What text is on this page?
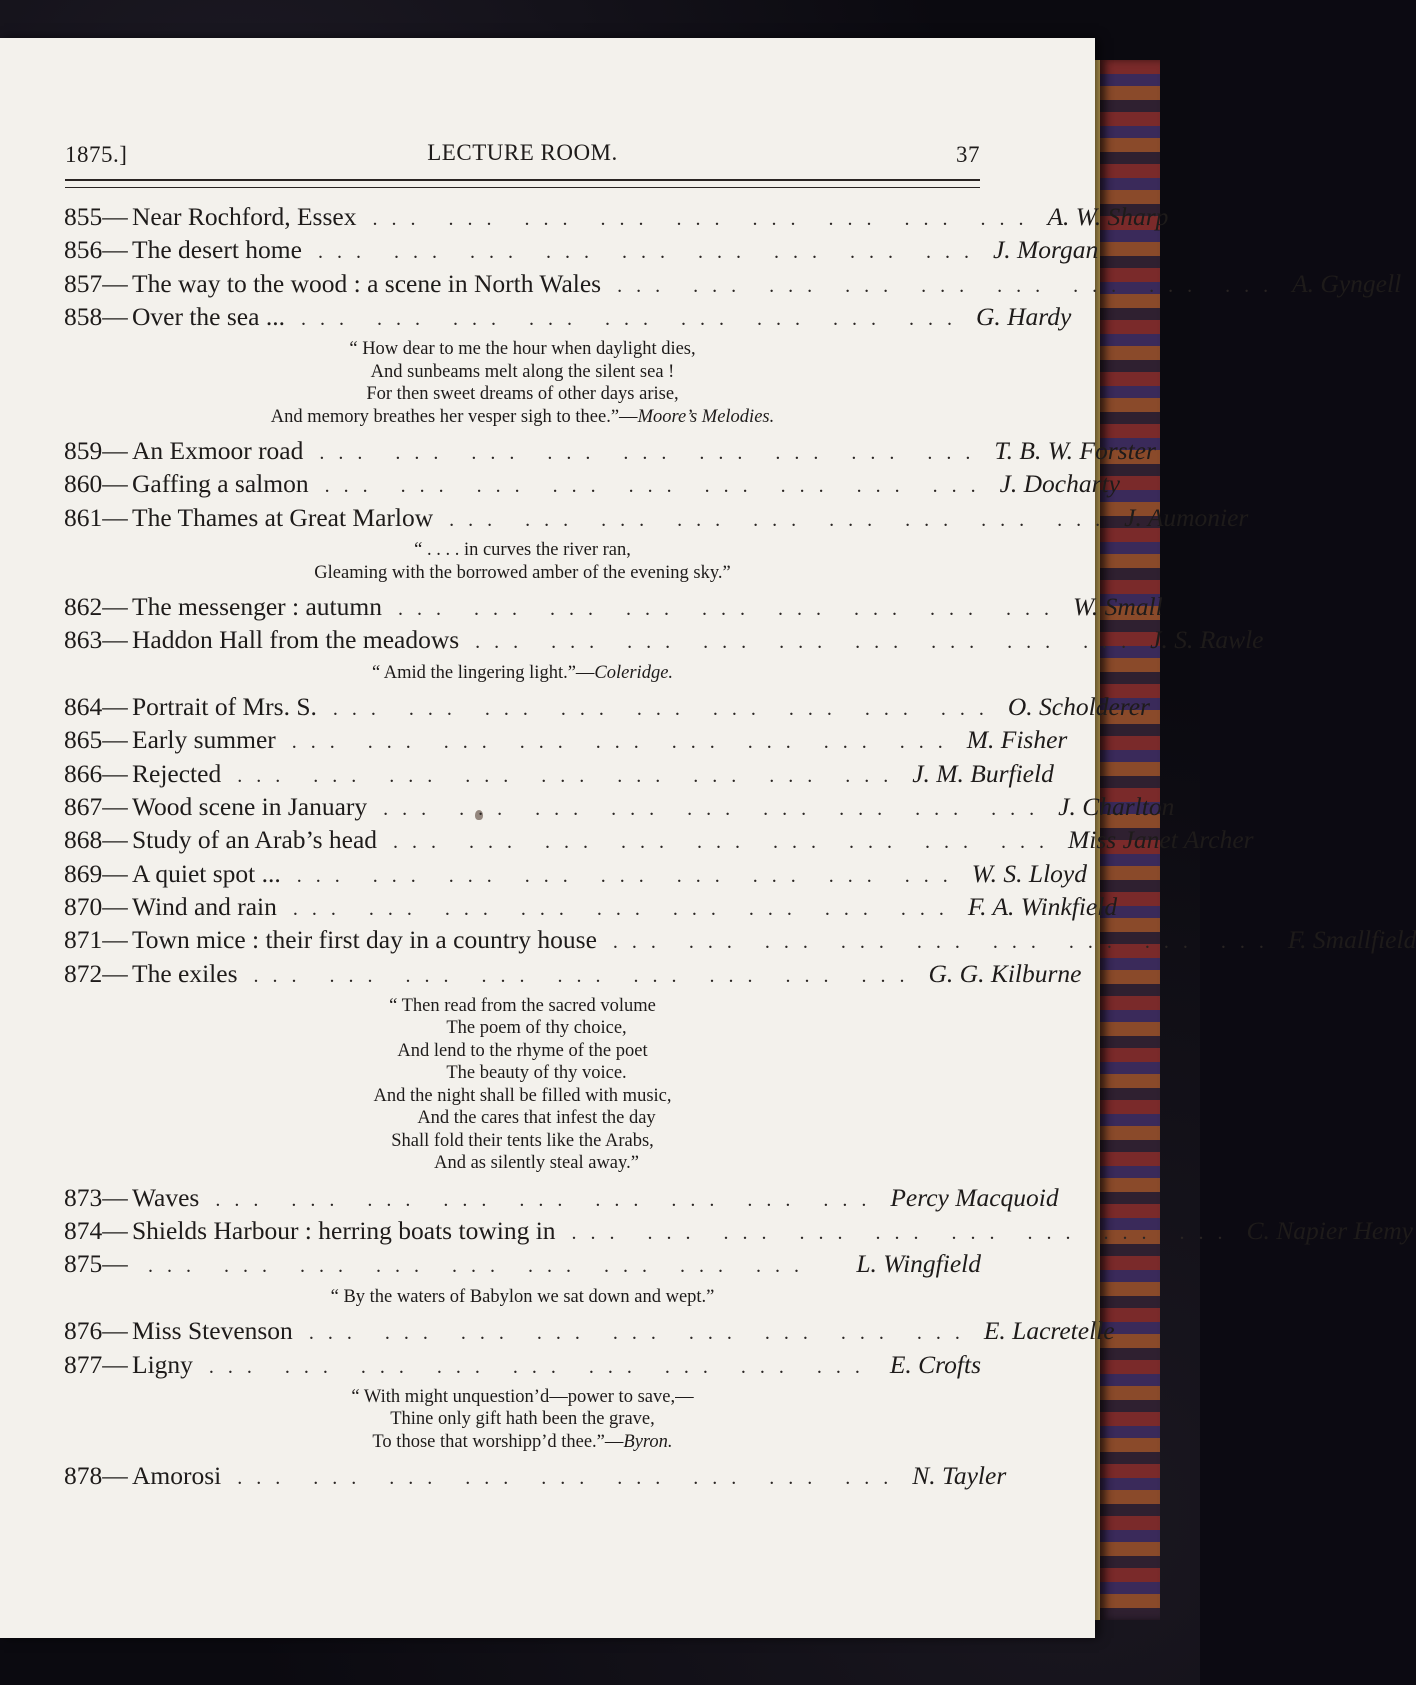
1875.]	LECTURE ROOM.	37
855— Near Rochford, Essex ... ... ... ... ... ... ... ... ... A. W. Sharp
856— The desert home ... ... ... ... ... ... ... ... ... J. Morgan
857— The way to the wood : a scene in North Wales ... ... ... ... ... ... ... ... ... A. Gyngell
858— Over the sea ... ... ... ... ... ... ... ... ... ... G. Hardy
“ How dear to me the hour when daylight dies,
And sunbeams melt along the silent sea !
For then sweet dreams of other days arise,
And memory breathes her vesper sigh to thee.”—Moore’s Melodies.
859— An Exmoor road ... ... ... ... ... ... ... ... ... T. B. W. Forster
860— Gaffing a salmon ... ... ... ... ... ... ... ... ... J. Docharty
861— The Thames at Great Marlow ... ... ... ... ... ... ... ... ... J. Aumonier
“ . . . . in curves the river ran,
Gleaming with the borrowed amber of the evening sky.”
862— The messenger : autumn ... ... ... ... ... ... ... ... ... W. Small
863— Haddon Hall from the meadows ... ... ... ... ... ... ... ... ... J. S. Rawle
“ Amid the lingering light.”—Coleridge.
864— Portrait of Mrs. S. ... ... ... ... ... ... ... ... ... O. Scholderer
865— Early summer ... ... ... ... ... ... ... ... ... M. Fisher
866— Rejected ... ... ... ... ... ... ... ... ... J. M. Burfield
867— Wood scene in January ... ... ... ... ... ... ... ... ... J. Charlton
868— Study of an Arab’s head ... ... ... ... ... ... ... ... ... Miss Janet Archer
869— A quiet spot ... ... ... ... ... ... ... ... ... ... W. S. Lloyd
870— Wind and rain ... ... ... ... ... ... ... ... ... F. A. Winkfield
871— Town mice : their first day in a country house ... ... ... ... ... ... ... ... ... F. Smallfield
872— The exiles ... ... ... ... ... ... ... ... ... G. G. Kilburne
“ Then read from the sacred volume
The poem of thy choice,
And lend to the rhyme of the poet
The beauty of thy voice.
And the night shall be filled with music,
And the cares that infest the day
Shall fold their tents like the Arabs,
And as silently steal away.”
873— Waves ... ... ... ... ... ... ... ... ... Percy Macquoid
874— Shields Harbour : herring boats towing in ... ... ... ... ... ... ... ... ... C. Napier Hemy
875—	... ... ... ... ... ... ... ... ...	L. Wingfield
“ By the waters of Babylon we sat down and wept.”
876— Miss Stevenson ... ... ... ... ... ... ... ... ... E. Lacretelle
877— Ligny ... ... ... ... ... ... ... ... ... E. Crofts
“ With might unquestion’d—power to save,—
Thine only gift hath been the grave,
To those that worshipp’d thee.”—Byron.
878— Amorosi ... ... ... ... ... ... ... ... ... N. Tayler
